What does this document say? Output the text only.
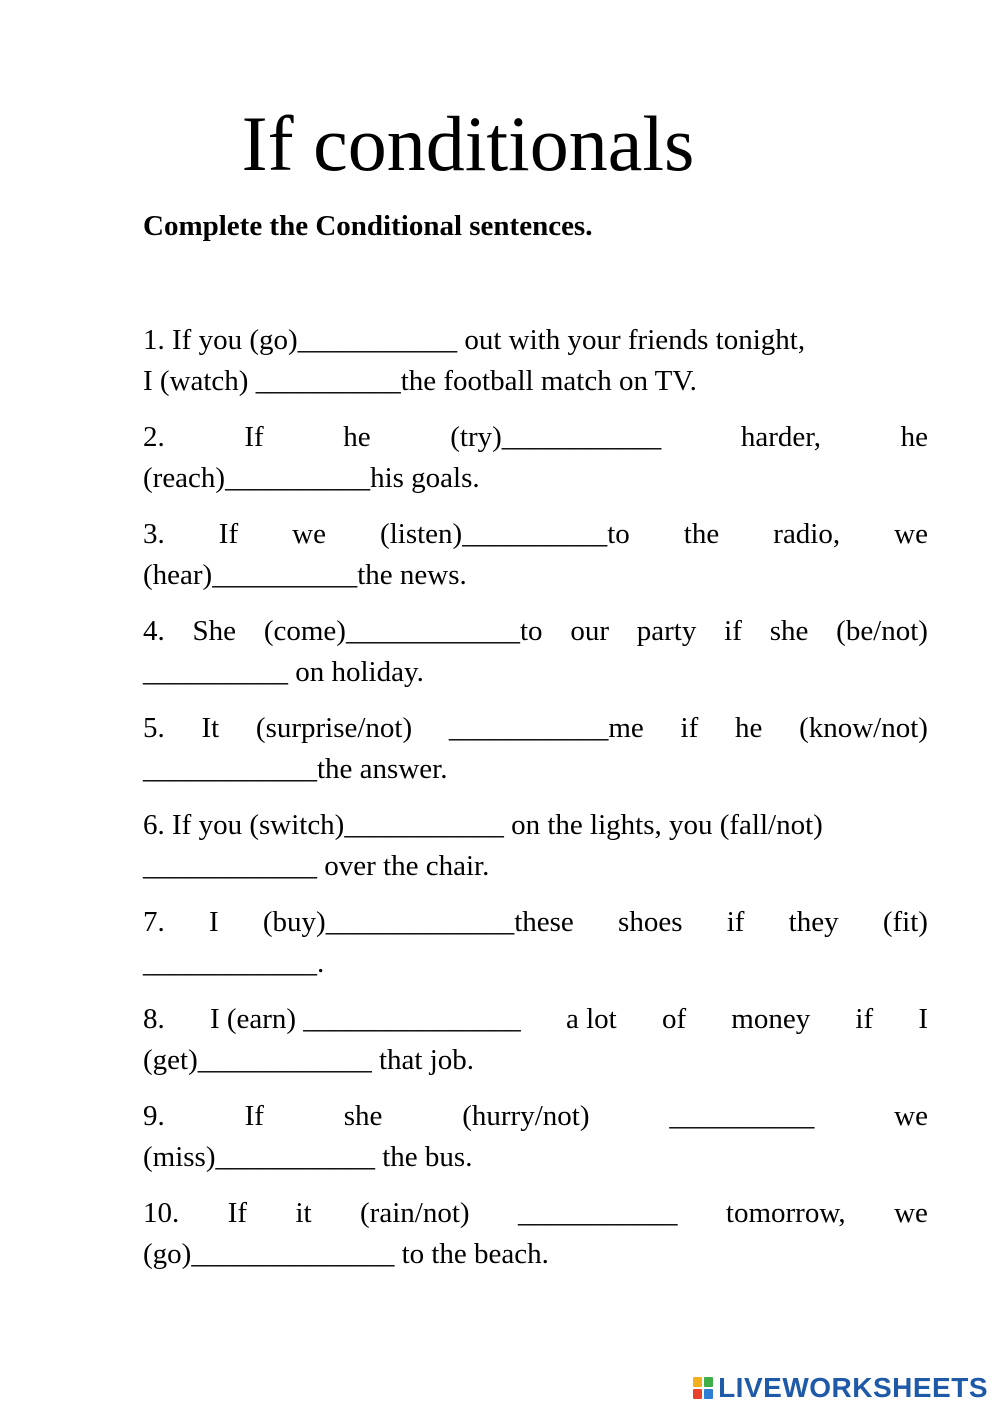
If conditionals

Complete the Conditional sentences.

1. If you (go)___________ out with your friends tonight,
I (watch) __________the football match on TV.
2.	If	he	(try)___________	harder,	he
(reach)__________his goals.
3. If we (listen)__________to the radio, we
(hear)__________the news.
4. She (come)____________to our party if she (be/not)
__________ on holiday.
5. It (surprise/not) ___________me if he (know/not)
____________the answer.
6. If you (switch)___________ on the lights, you (fall/not)
____________ over the chair.
7. I (buy)_____________these shoes if they (fit)
____________.
8. I (earn) _______________ a lot of money if I
(get)____________ that job.
9.	If	she	(hurry/not)	__________	we
(miss)___________ the bus.
10. If it (rain/not) ___________ tomorrow, we
(go)______________ to the beach.
LIVEWORKSHEETS
